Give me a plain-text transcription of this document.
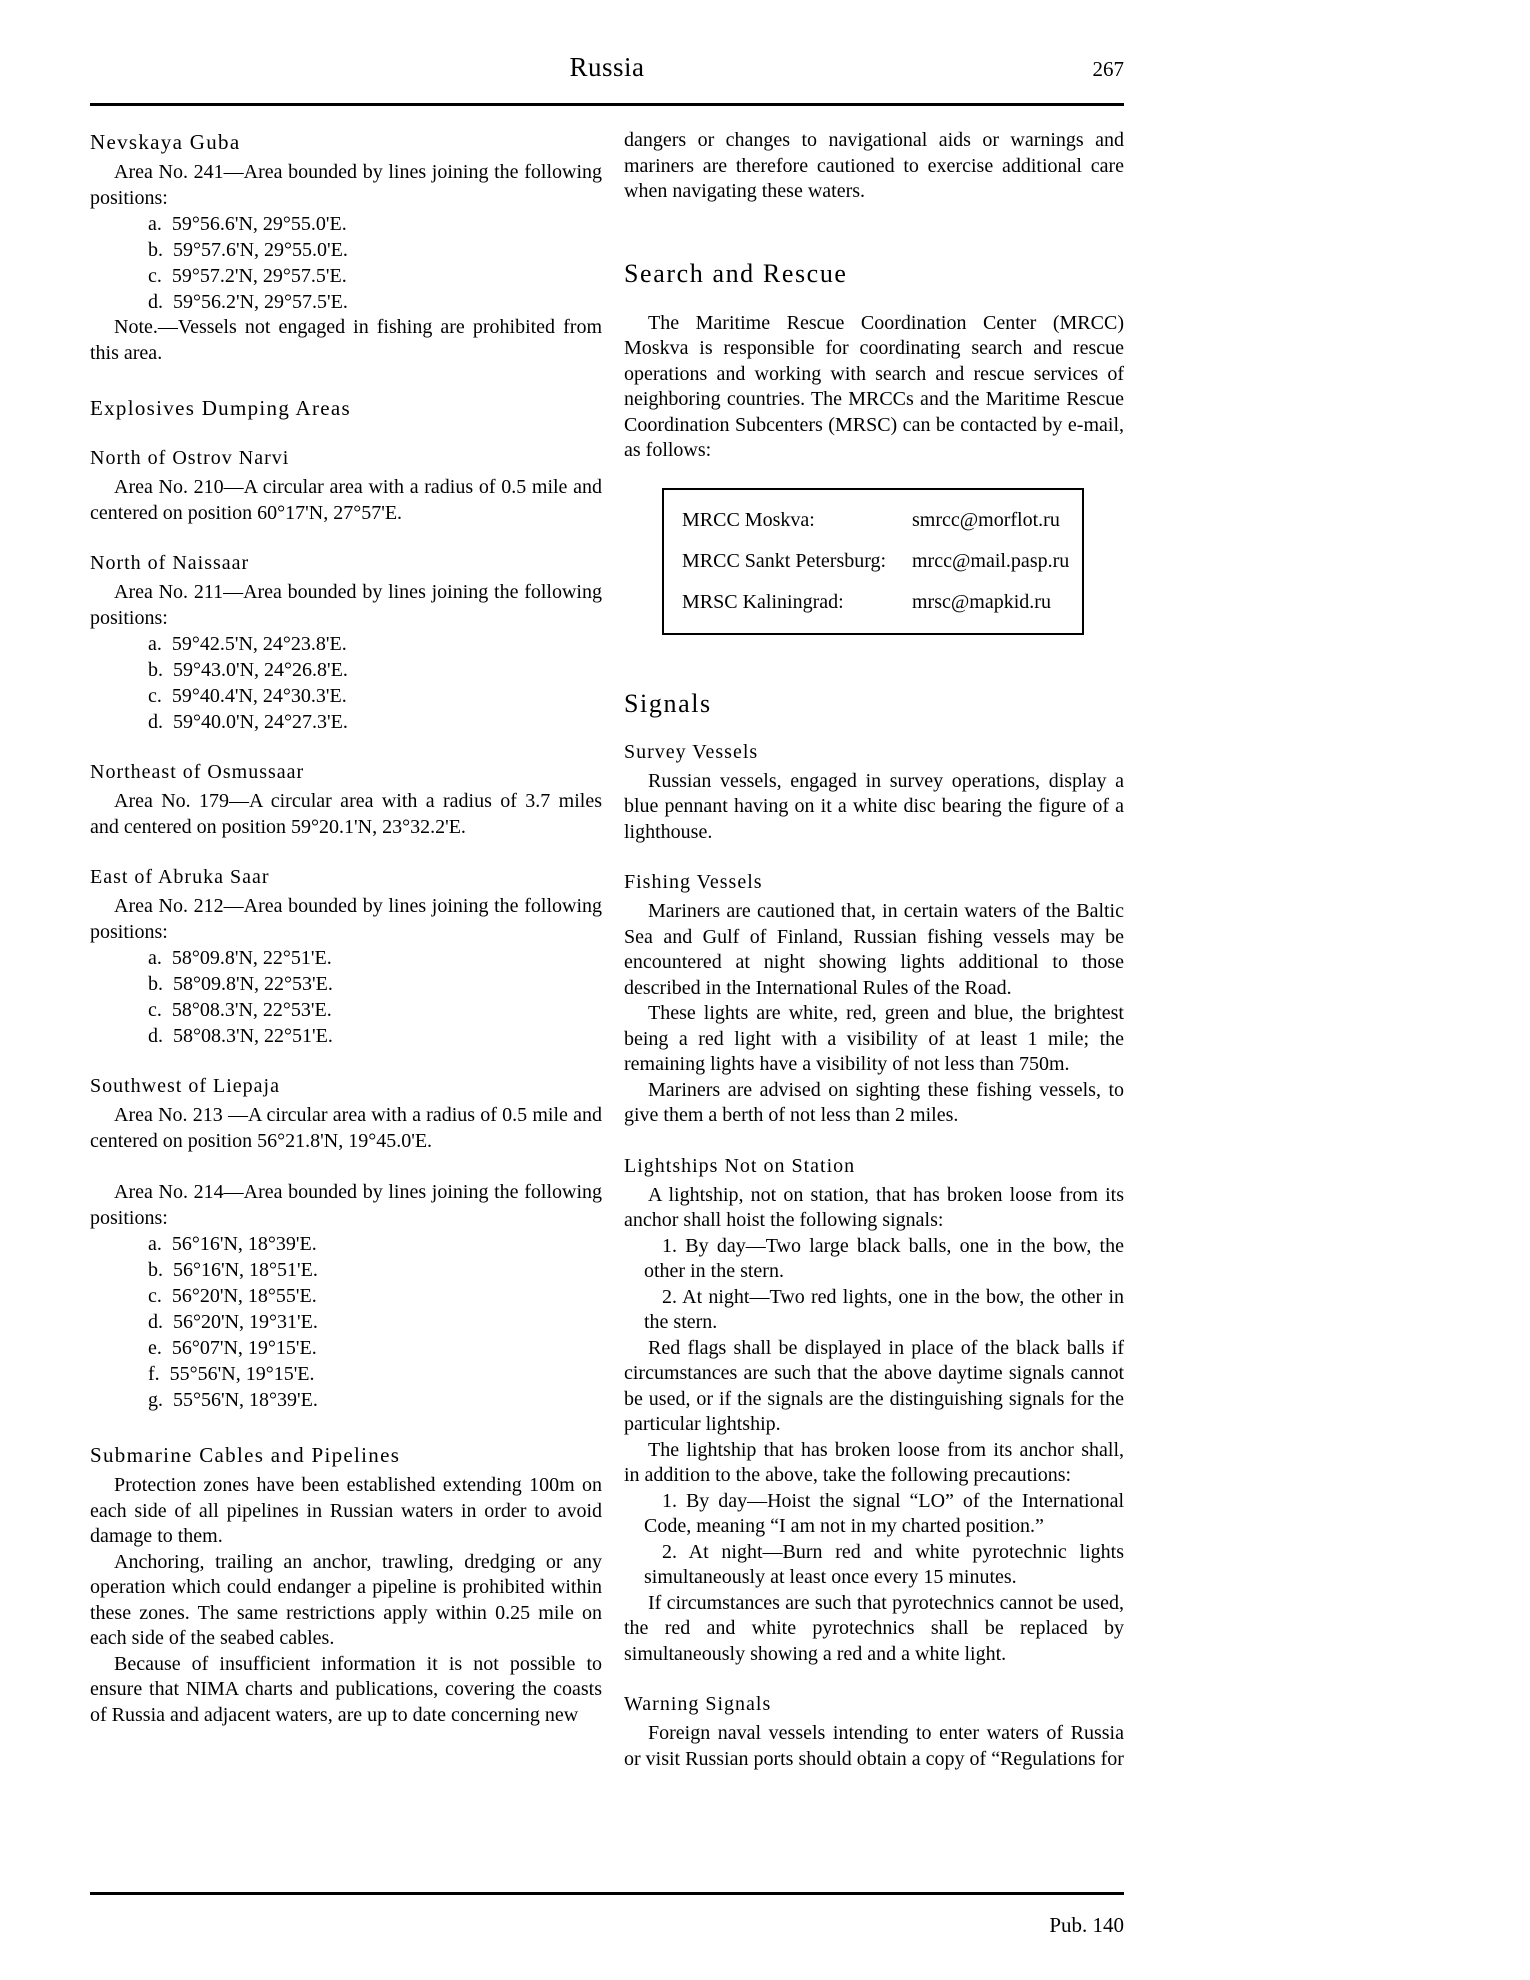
Russia	267
Nevskaya Guba

Area No. 241—Area bounded by lines joining the following positions:

a.  59°56.6'N, 29°55.0'E.
b.  59°57.6'N, 29°55.0'E.
c.  59°57.2'N, 29°57.5'E.
d.  59°56.2'N, 29°57.5'E.

Note.—Vessels not engaged in fishing are prohibited from this area.

Explosives Dumping Areas
North of Ostrov Narvi

Area No. 210—A circular area with a radius of 0.5 mile and centered on position 60°17'N, 27°57'E.

North of Naissaar

Area No. 211—Area bounded by lines joining the following positions:

a.  59°42.5'N, 24°23.8'E.
b.  59°43.0'N, 24°26.8'E.
c.  59°40.4'N, 24°30.3'E.
d.  59°40.0'N, 24°27.3'E.
Northeast of Osmussaar

Area No. 179—A circular area with a radius of 3.7 miles and centered on position 59°20.1'N, 23°32.2'E.

East of Abruka Saar

Area No. 212—Area bounded by lines joining the following positions:

a.  58°09.8'N, 22°51'E.
b.  58°09.8'N, 22°53'E.
c.  58°08.3'N, 22°53'E.
d.  58°08.3'N, 22°51'E.
Southwest of Liepaja

Area No. 213 —A circular area with a radius of 0.5 mile and centered on position 56°21.8'N, 19°45.0'E.

Area No. 214—Area bounded by lines joining the following positions:

a.  56°16'N, 18°39'E.
b.  56°16'N, 18°51'E.
c.  56°20'N, 18°55'E.
d.  56°20'N, 19°31'E.
e.  56°07'N, 19°15'E.
f.  55°56'N, 19°15'E.
g.  55°56'N, 18°39'E.
Submarine Cables and Pipelines

Protection zones have been established extending 100m on each side of all pipelines in Russian waters in order to avoid damage to them.

Anchoring, trailing an anchor, trawling, dredging or any operation which could endanger a pipeline is prohibited within these zones. The same restrictions apply within 0.25 mile on each side of the seabed cables.

Because of insufficient information it is not possible to ensure that NIMA charts and publications, covering the coasts of Russia and adjacent waters, are up to date concerning new

dangers or changes to navigational aids or warnings and mariners are therefore cautioned to exercise additional care when navigating these waters.

Search and Rescue

The Maritime Rescue Coordination Center (MRCC) Moskva is responsible for coordinating search and rescue operations and working with search and rescue services of neighboring countries. The MRCCs and the Maritime Rescue Coordination Subcenters (MRSC) can be contacted by e-mail, as follows:

MRCC Moskva:	smrcc@morflot.ru
MRCC Sankt Petersburg:	mrcc@mail.pasp.ru
MRSC Kaliningrad:	mrsc@mapkid.ru
Signals
Survey Vessels

Russian vessels, engaged in survey operations, display a blue pennant having on it a white disc bearing the figure of a lighthouse.

Fishing Vessels

Mariners are cautioned that, in certain waters of the Baltic Sea and Gulf of Finland, Russian fishing vessels may be encountered at night showing lights additional to those described in the International Rules of the Road.

These lights are white, red, green and blue, the brightest being a red light with a visibility of at least 1 mile; the remaining lights have a visibility of not less than 750m.

Mariners are advised on sighting these fishing vessels, to give them a berth of not less than 2 miles.

Lightships Not on Station

A lightship, not on station, that has broken loose from its anchor shall hoist the following signals:

1. By day—Two large black balls, one in the bow, the other in the stern.

2. At night—Two red lights, one in the bow, the other in the stern.

Red flags shall be displayed in place of the black balls if circumstances are such that the above daytime signals cannot be used, or if the signals are the distinguishing signals for the particular lightship.

The lightship that has broken loose from its anchor shall, in addition to the above, take the following precautions:

1. By day—Hoist the signal “LO” of the International Code, meaning “I am not in my charted position.”

2. At night—Burn red and white pyrotechnic lights simultaneously at least once every 15 minutes.

If circumstances are such that pyrotechnics cannot be used, the red and white pyrotechnics shall be replaced by simultaneously showing a red and a white light.

Warning Signals

Foreign naval vessels intending to enter waters of Russia or visit Russian ports should obtain a copy of “Regulations for

Pub. 140
